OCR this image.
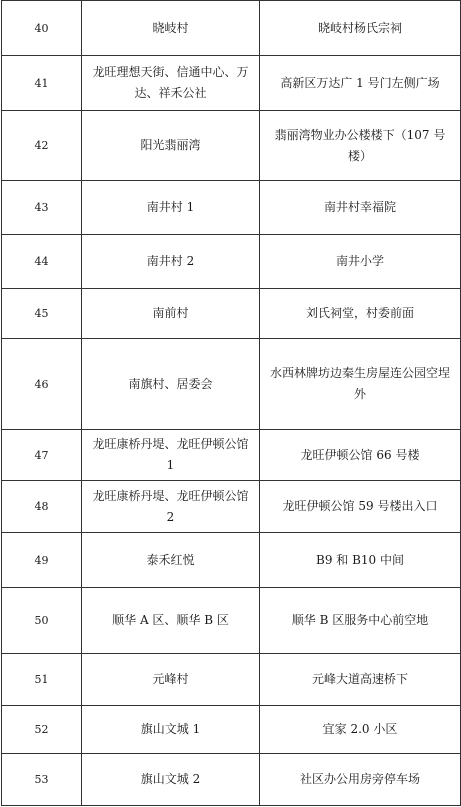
40	晓岐村	晓岐村杨氏宗祠
41	龙旺理想天街、信通中心、万达、祥禾公社	高新区万达广 1 号门左侧广场
42	阳光翡丽湾	翡丽湾物业办公楼楼下（107 号楼）
43	南井村 1	南井村幸福院
44	南井村 2	南井小学
45	南前村	刘氏祠堂，村委前面
46	南旗村、居委会	水西林牌坊边秦生房屋连公园空埕外
47	龙旺康桥丹堤、龙旺伊顿公馆 1	龙旺伊顿公馆 66 号楼
48	龙旺康桥丹堤、龙旺伊顿公馆 2	龙旺伊顿公馆 59 号楼出入口
49	泰禾红悦	B9 和 B10 中间
50	顺华 A 区、顺华 B 区	顺华 B 区服务中心前空地
51	元峰村	元峰大道高速桥下
52	旗山文城 1	宜家 2.0 小区
53	旗山文城 2	社区办公用房旁停车场
